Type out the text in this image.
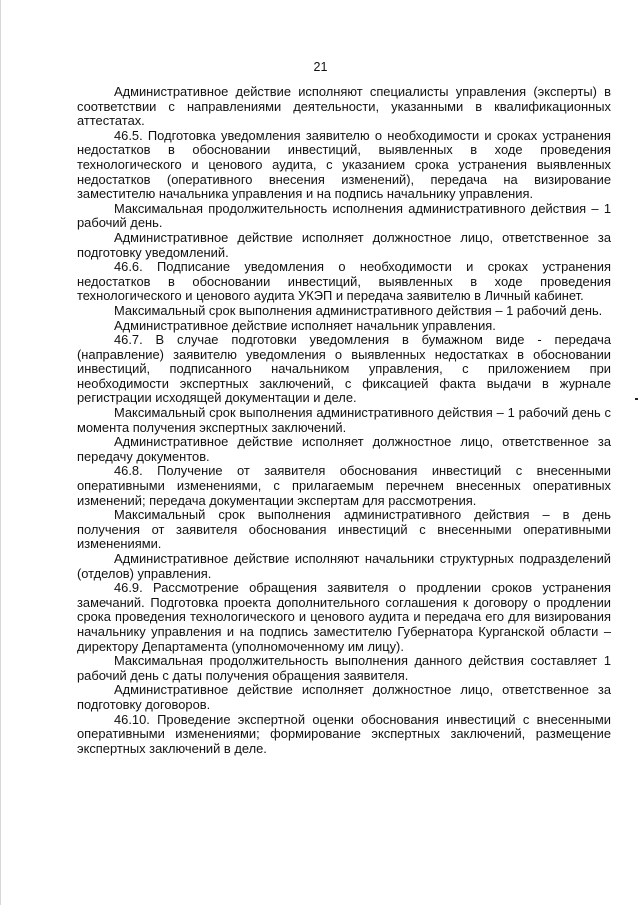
21

Административное действие исполняют специалисты управления (эксперты) в соответствии с направлениями деятельности, указанными в квалификационных аттестатах.

46.5. Подготовка уведомления заявителю о необходимости и сроках устранения недостатков в обосновании инвестиций, выявленных в ходе проведения технологического и ценового аудита, с указанием срока устранения выявленных недостатков (оперативного внесения изменений), передача на визирование заместителю начальника управления и на подпись начальнику управления.

Максимальная продолжительность исполнения административного действия – 1 рабочий день.

Административное действие исполняет должностное лицо, ответственное за подготовку уведомлений.

46.6. Подписание уведомления о необходимости и сроках устранения недостатков в обосновании инвестиций, выявленных в ходе проведения технологического и ценового аудита УКЭП и передача заявителю в Личный кабинет.

Максимальный срок выполнения административного действия – 1 рабочий день.

Административное действие исполняет начальник управления.

46.7. В случае подготовки уведомления в бумажном виде - передача (направление) заявителю уведомления о выявленных недостатках в обосновании инвестиций, подписанного начальником управления, с приложением при необходимости экспертных заключений, с фиксацией факта выдачи в журнале регистрации исходящей документации и деле.

Максимальный срок выполнения административного действия – 1 рабочий день с момента получения экспертных заключений.

Административное действие исполняет должностное лицо, ответственное за передачу документов.

46.8. Получение от заявителя обоснования инвестиций с внесенными оперативными изменениями, с прилагаемым перечнем внесенных оперативных изменений; передача документации экспертам для рассмотрения.

Максимальный срок выполнения административного действия – в день получения от заявителя обоснования инвестиций с внесенными оперативными изменениями.

Административное действие исполняют начальники структурных подразделений (отделов) управления.

46.9. Рассмотрение обращения заявителя о продлении сроков устранения замечаний. Подготовка проекта дополнительного соглашения к договору о продлении срока проведения технологического и ценового аудита и передача его для визирования начальнику управления и на подпись заместителю Губернатора Курганской области – директору Департамента (уполномоченному им лицу).

Максимальная продолжительность выполнения данного действия составляет 1 рабочий день с даты получения обращения заявителя.

Административное действие исполняет должностное лицо, ответственное за подготовку договоров.

46.10. Проведение экспертной оценки обоснования инвестиций с внесенными оперативными изменениями; формирование экспертных заключений, размещение экспертных заключений в деле.
